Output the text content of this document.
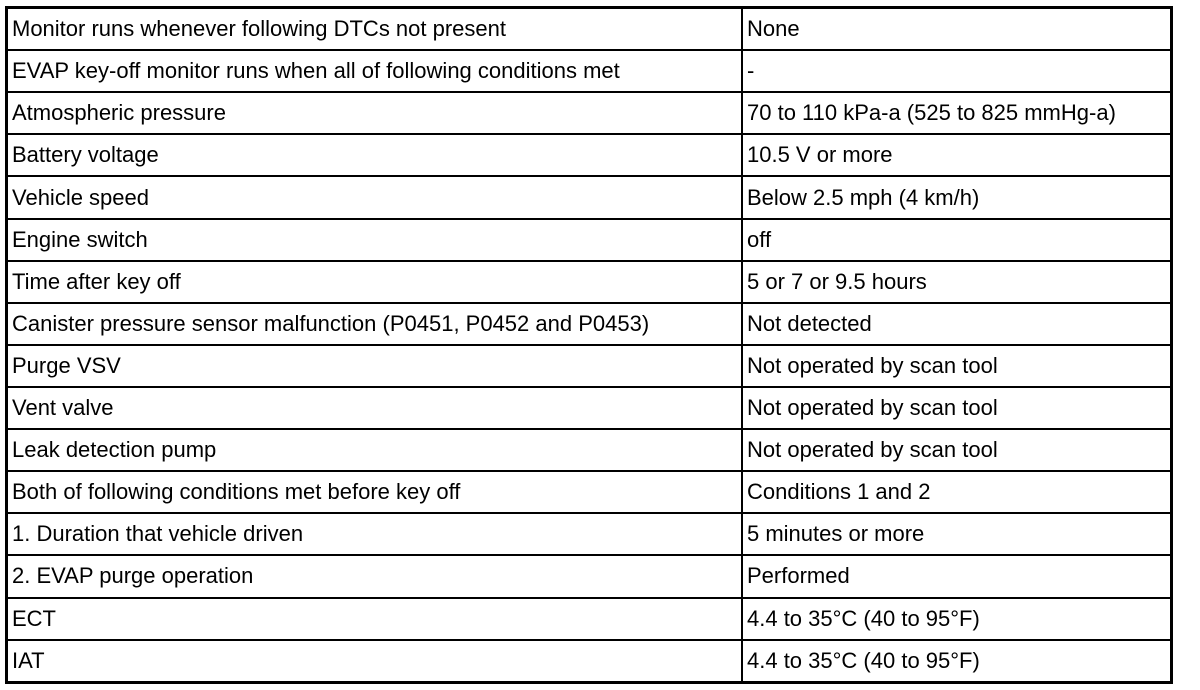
Monitor runs whenever following DTCs not present	None
EVAP key-off monitor runs when all of following conditions met	-
Atmospheric pressure	70 to 110 kPa-a (525 to 825 mmHg-a)
Battery voltage	10.5 V or more
Vehicle speed	Below 2.5 mph (4 km/h)
Engine switch	off
Time after key off	5 or 7 or 9.5 hours
Canister pressure sensor malfunction (P0451, P0452 and P0453)	Not detected
Purge VSV	Not operated by scan tool
Vent valve	Not operated by scan tool
Leak detection pump	Not operated by scan tool
Both of following conditions met before key off	Conditions 1 and 2
1. Duration that vehicle driven	5 minutes or more
2. EVAP purge operation	Performed
ECT	4.4 to 35°C (40 to 95°F)
IAT	4.4 to 35°C (40 to 95°F)
